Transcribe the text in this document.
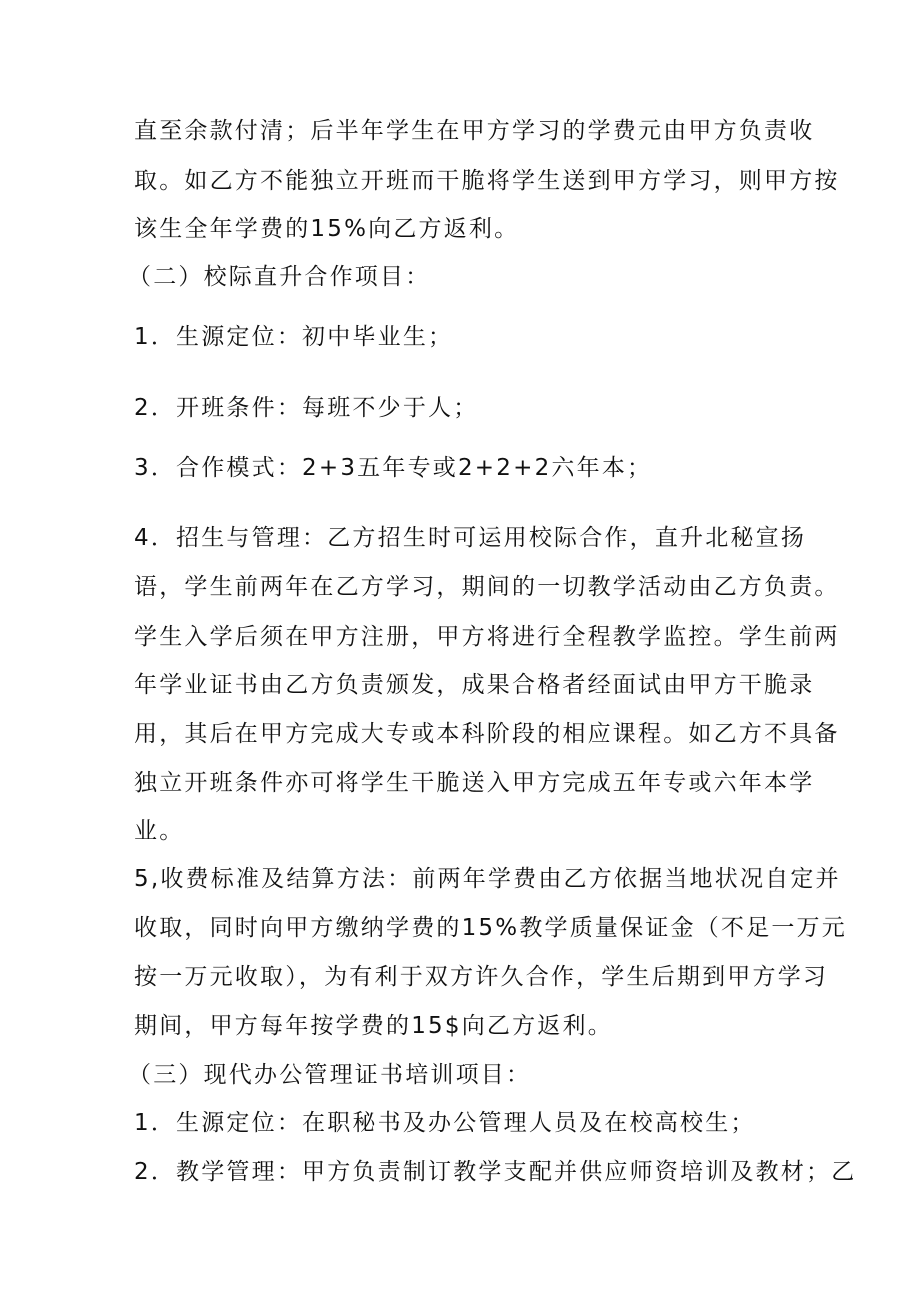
直至余款付清；后半年学生在甲方学习的学费元由甲方负责收
取。如乙方不能独立开班而干脆将学生送到甲方学习，则甲方按
该生全年学费的15%向乙方返利。
（二）校际直升合作项目：
1．生源定位：初中毕业生；
2．开班条件：每班不少于人；
3．合作模式：2+3五年专或2+2+2六年本；
4．招生与管理：乙方招生时可运用校际合作，直升北秘宣扬
语，学生前两年在乙方学习，期间的一切教学活动由乙方负责。
学生入学后须在甲方注册，甲方将进行全程教学监控。学生前两
年学业证书由乙方负责颁发，成果合格者经面试由甲方干脆录
用，其后在甲方完成大专或本科阶段的相应课程。如乙方不具备
独立开班条件亦可将学生干脆送入甲方完成五年专或六年本学
业。
5,收费标准及结算方法：前两年学费由乙方依据当地状况自定并
收取，同时向甲方缴纳学费的15%教学质量保证金（不足一万元
按一万元收取），为有利于双方许久合作，学生后期到甲方学习
期间，甲方每年按学费的15$向乙方返利。
（三）现代办公管理证书培训项目：
1．生源定位：在职秘书及办公管理人员及在校高校生；
2．教学管理：甲方负责制订教学支配并供应师资培训及教材；乙
